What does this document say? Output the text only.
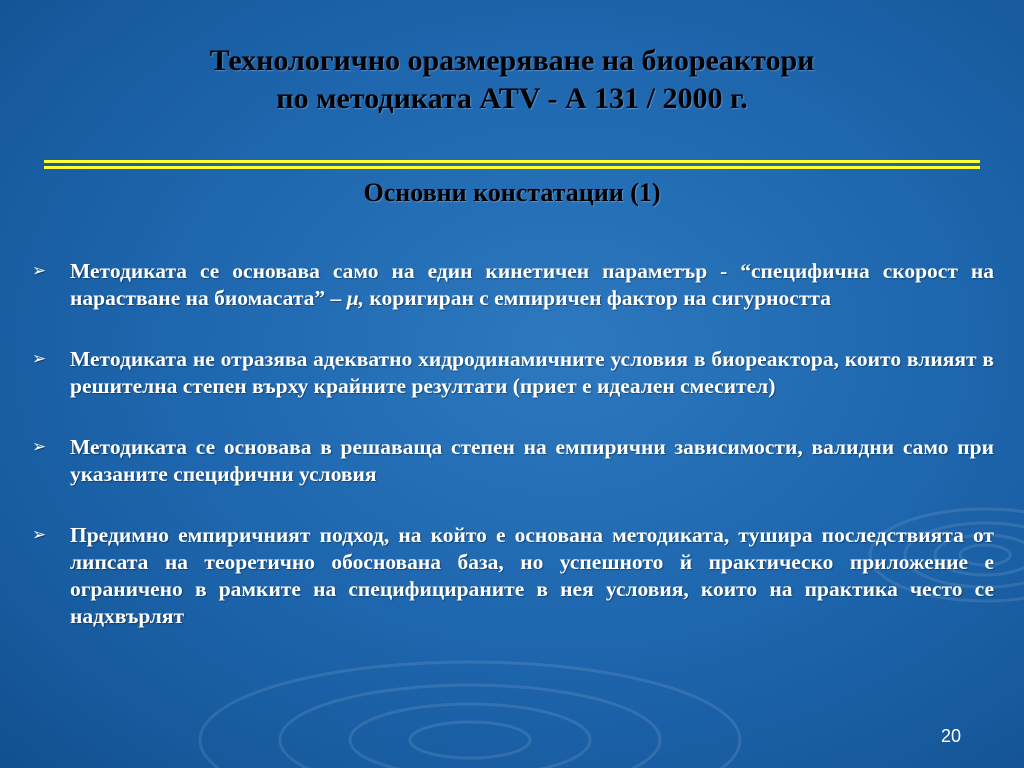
Технологично оразмеряване на биореактори
по методиката ATV - А 131 / 2000 г.
Основни констатации (1)
➢ Методиката се основава само на един кинетичен параметър - “специфична скорост на нарастване на биомасата” – μ, коригиран с емпиричен фактор на сигурността
➢ Методиката не отразява адекватно хидродинамичните условия в биореактора, които влияят в решителна степен върху крайните резултати (приет е идеален смесител)
➢ Методиката се основава в решаваща степен на емпирични зависимости, валидни само при указаните специфични условия
➢ Предимно емпиричният подход, на който е основана методиката, тушира последствията от липсата на теоретично обоснована база, но успешното й практическо приложение е ограничено в рамките на специфицираните в нея условия, които на практика често се надхвърлят
20
